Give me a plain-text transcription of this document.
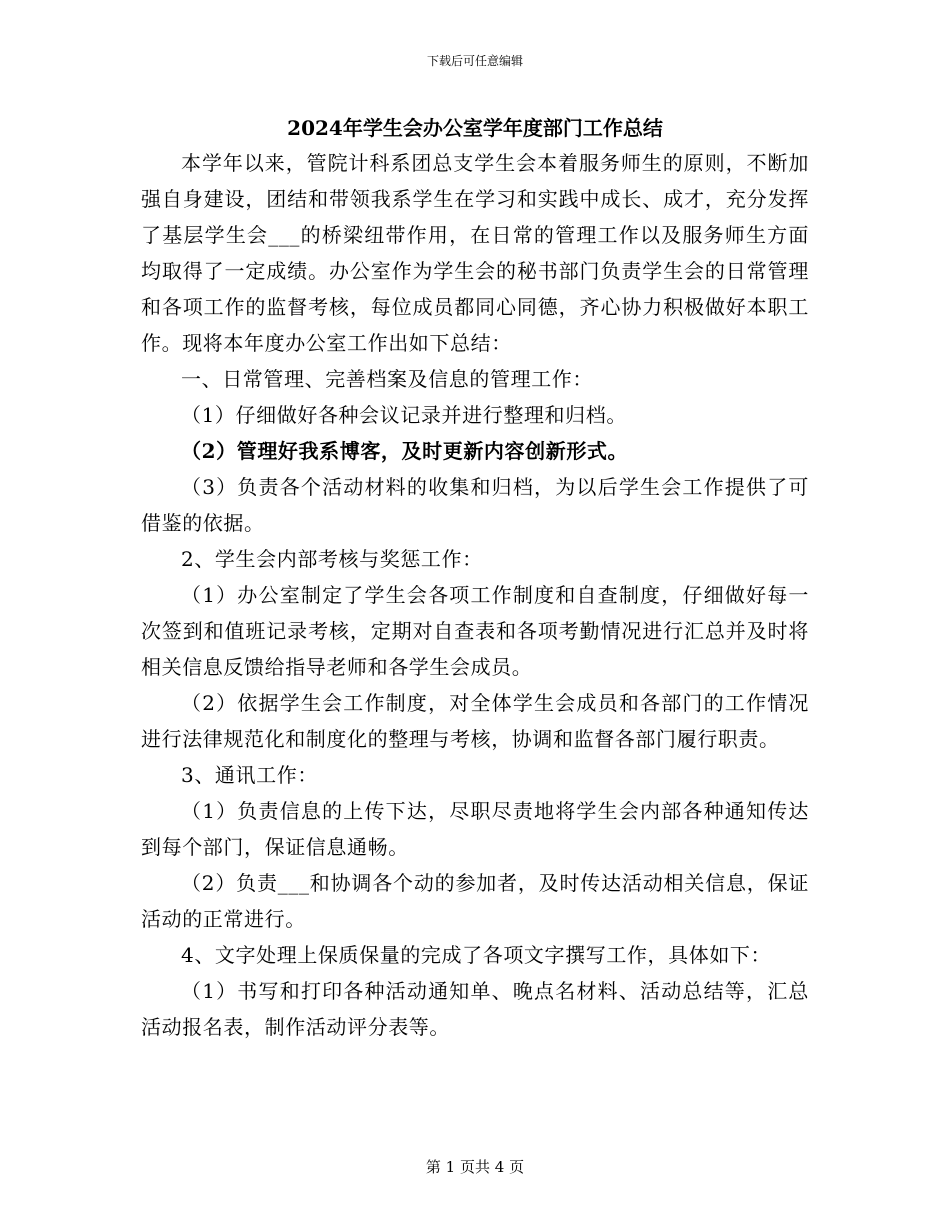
下载后可任意编辑
2024年学生会办公室学年度部门工作总结

本学年以来，管院计科系团总支学生会本着服务师生的原则，不断加强自身建设，团结和带领我系学生在学习和实践中成长、成才，充分发挥了基层学生会___的桥梁纽带作用，在日常的管理工作以及服务师生方面均取得了一定成绩。办公室作为学生会的秘书部门负责学生会的日常管理和各项工作的监督考核，每位成员都同心同德，齐心协力积极做好本职工作。现将本年度办公室工作出如下总结：

一、日常管理、完善档案及信息的管理工作：

（1）仔细做好各种会议记录并进行整理和归档。

（2）管理好我系博客，及时更新内容创新形式。

（3）负责各个活动材料的收集和归档，为以后学生会工作提供了可借鉴的依据。

2、学生会内部考核与奖惩工作：

（1）办公室制定了学生会各项工作制度和自查制度，仔细做好每一次签到和值班记录考核，定期对自查表和各项考勤情况进行汇总并及时将相关信息反馈给指导老师和各学生会成员。

（2）依据学生会工作制度，对全体学生会成员和各部门的工作情况进行法律规范化和制度化的整理与考核，协调和监督各部门履行职责。

3、通讯工作：

（1）负责信息的上传下达，尽职尽责地将学生会内部各种通知传达到每个部门，保证信息通畅。

（2）负责___和协调各个动的参加者，及时传达活动相关信息，保证活动的正常进行。

4、文字处理上保质保量的完成了各项文字撰写工作，具体如下：

（1）书写和打印各种活动通知单、晚点名材料、活动总结等，汇总活动报名表，制作活动评分表等。

第 1 页共 4 页
